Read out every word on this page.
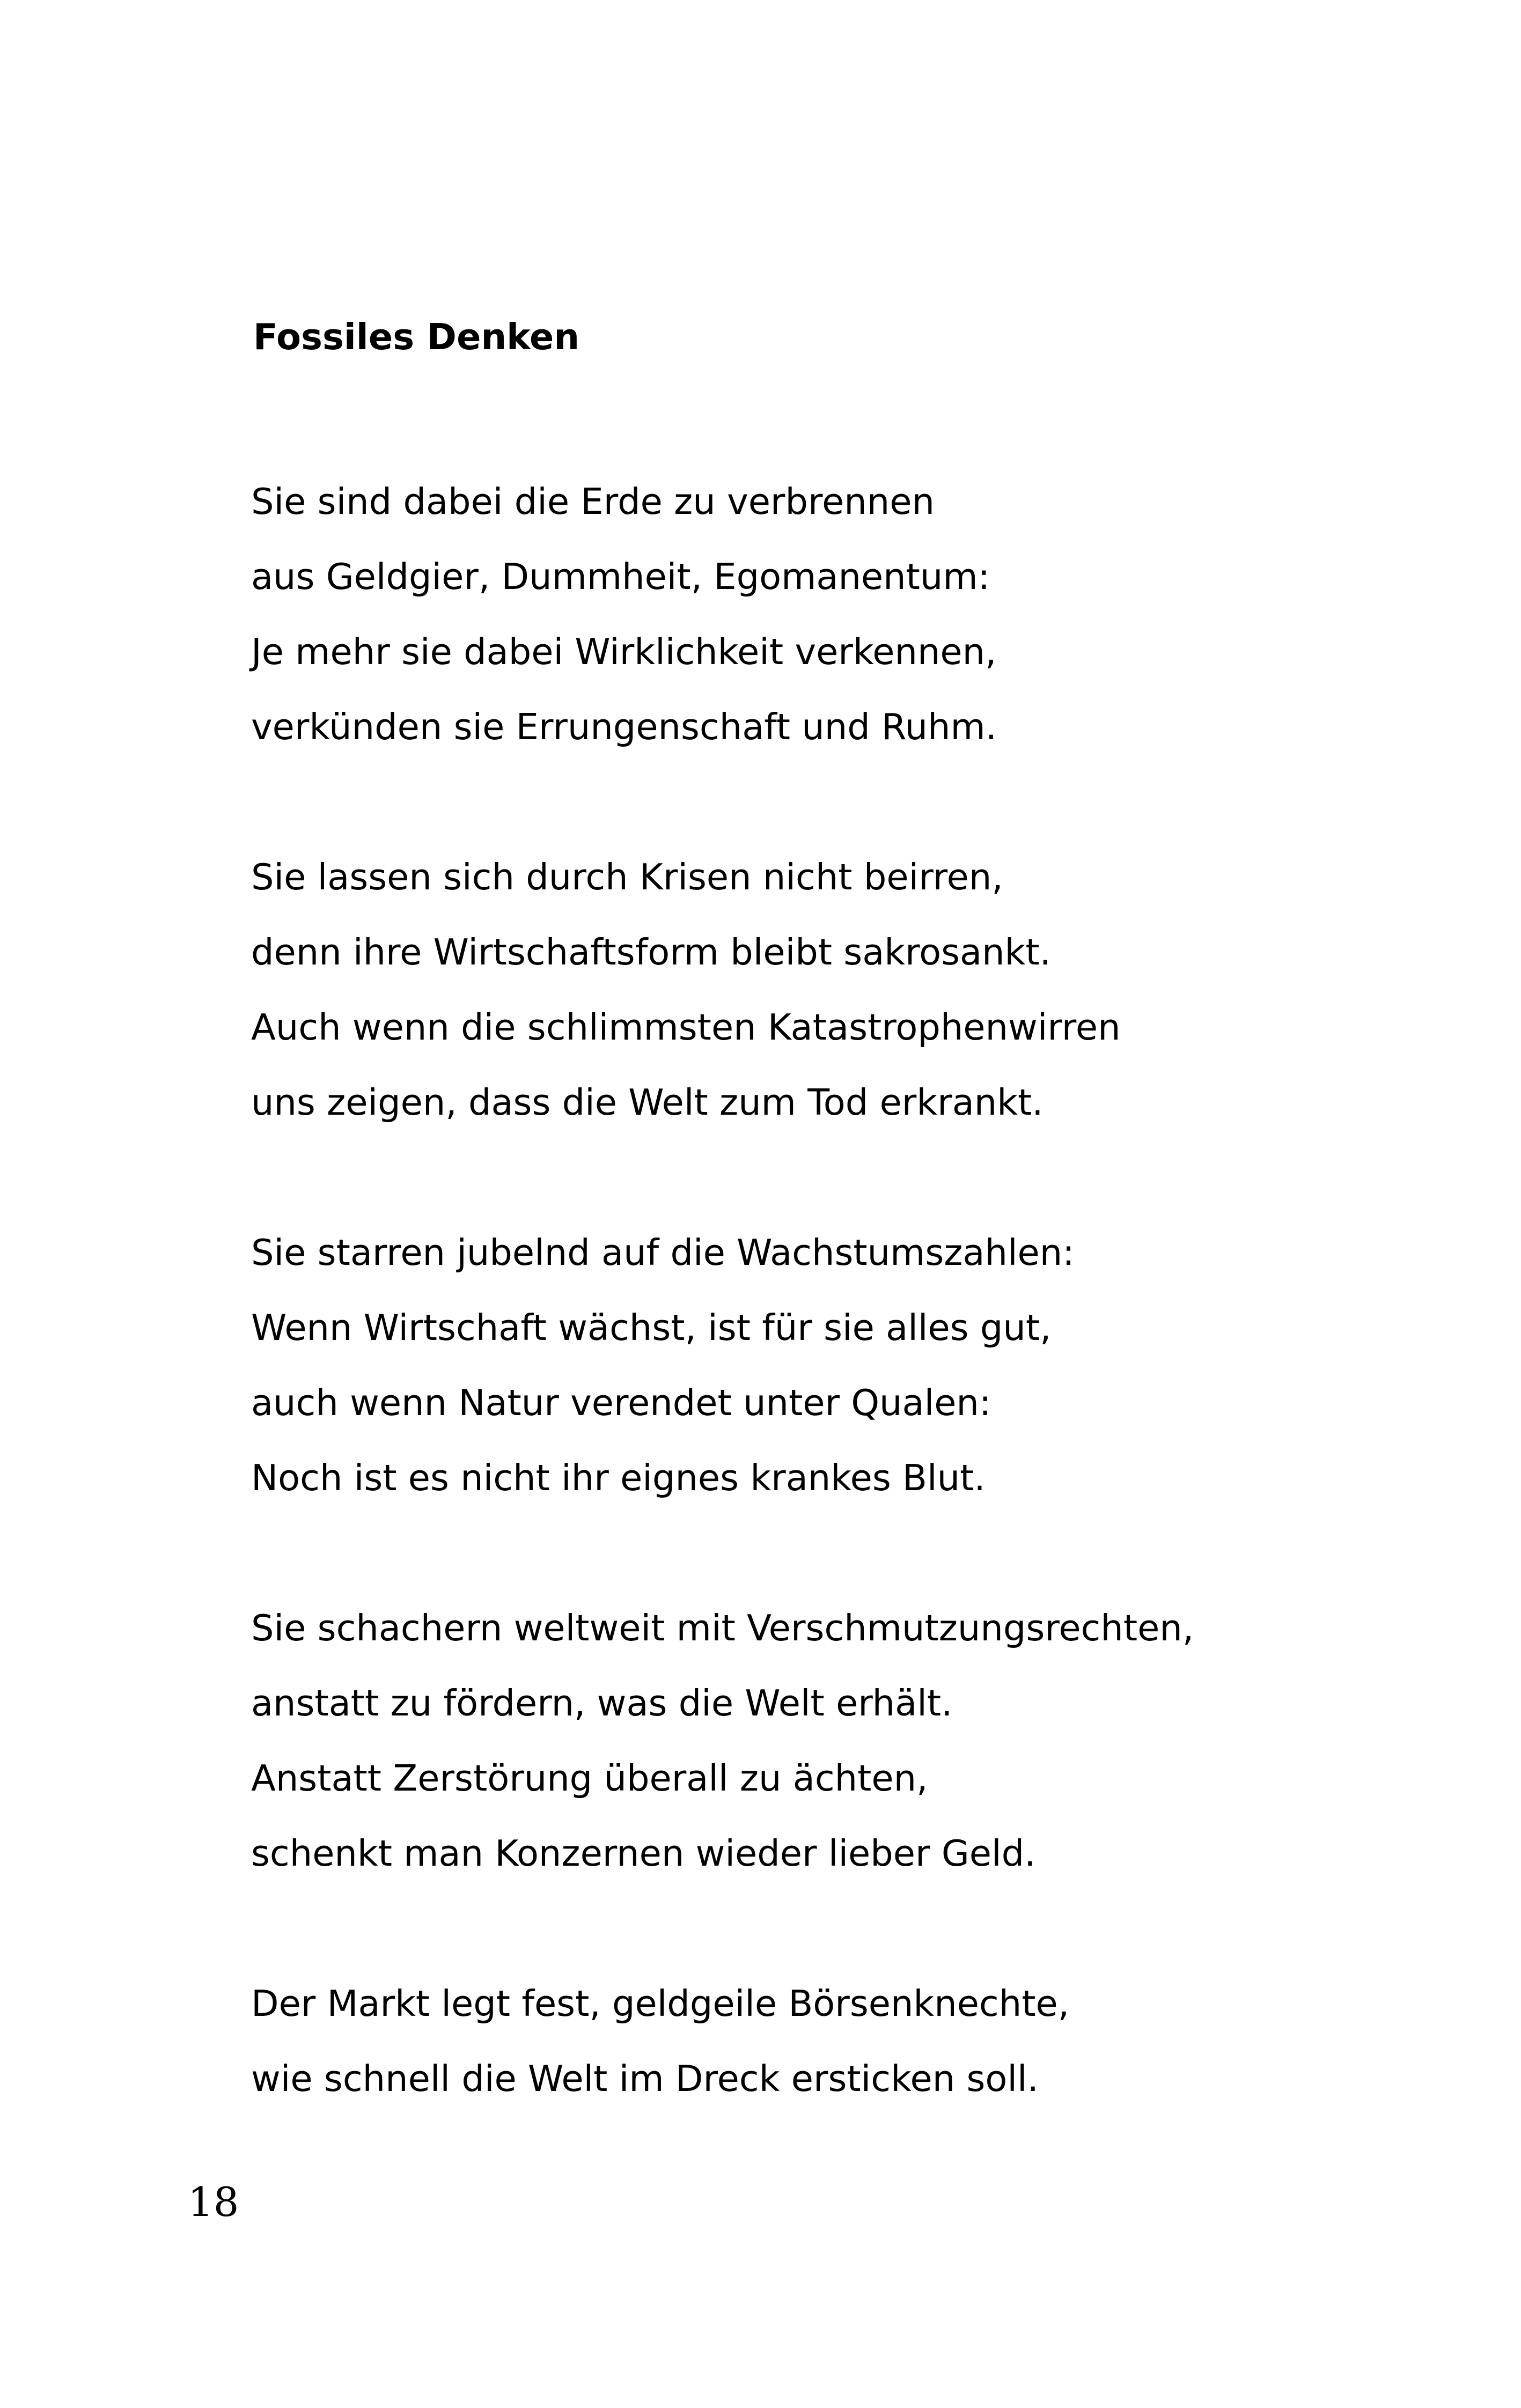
Fossiles Denken
Sie sind dabei die Erde zu verbrennen
aus Geldgier, Dummheit, Egomanentum:
Je mehr sie dabei Wirklichkeit verkennen,
verkünden sie Errungenschaft und Ruhm.
Sie lassen sich durch Krisen nicht beirren,
denn ihre Wirtschaftsform bleibt sakrosankt.
Auch wenn die schlimmsten Katastrophenwirren
uns zeigen, dass die Welt zum Tod erkrankt.
Sie starren jubelnd auf die Wachstumszahlen:
Wenn Wirtschaft wächst, ist für sie alles gut,
auch wenn Natur verendet unter Qualen:
Noch ist es nicht ihr eignes krankes Blut.
Sie schachern weltweit mit Verschmutzungsrechten,
anstatt zu fördern, was die Welt erhält.
Anstatt Zerstörung überall zu ächten,
schenkt man Konzernen wieder lieber Geld.
Der Markt legt fest, geldgeile Börsenknechte,
wie schnell die Welt im Dreck ersticken soll.
18
